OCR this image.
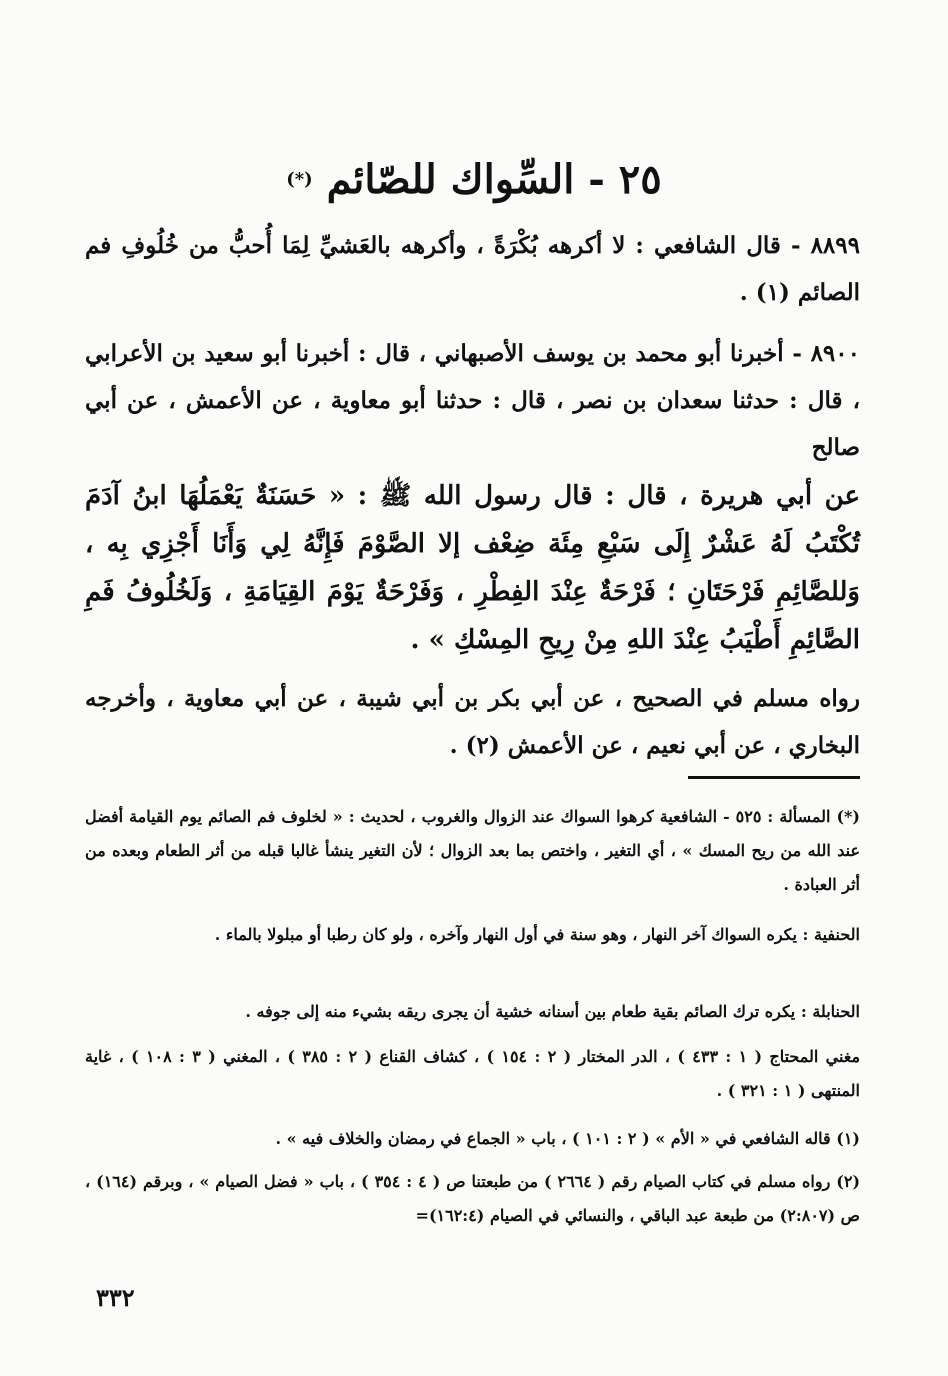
٢٥ - السِّواك للصّائم (*)

٨٨٩٩ - قال الشافعي : لا أكرهه بُكْرَةً ، وأكرهه بالعَشيِّ لِمَا أُحبُّ من خُلُوفِ فم الصائم (١) .

٨٩٠٠ - أخبرنا أبو محمد بن يوسف الأصبهاني ، قال : أخبرنا أبو سعيد بن الأعرابي ، قال : حدثنا سعدان بن نصر ، قال : حدثنا أبو معاوية ، عن الأعمش ، عن أبي صالح

عن أبي هريرة ، قال : قال رسول الله ﷺ : « حَسَنَةٌ يَعْمَلُهَا ابنُ آدَمَ تُكْتَبُ لَهُ عَشْرٌ إِلَى سَبْعِ مِئَة ضِعْف إلا الصَّوْمَ فَإِنَّهُ لِي وَأَنَا أَجْزِي بِه ، وَللصَّائِمِ فَرْحَتَانِ ؛ فَرْحَةٌ عِنْدَ الفِطْرِ ، وَفَرْحَةٌ يَوْمَ القِيَامَةِ ، وَلَخُلُوفُ فَمِ الصَّائِمِ أَطْيَبُ عِنْدَ اللهِ مِنْ رِيحِ المِسْكِ » .

رواه مسلم في الصحيح ، عن أبي بكر بن أبي شيبة ، عن أبي معاوية ، وأخرجه البخاري ، عن أبي نعيم ، عن الأعمش (٢) .

(*) المسألة : ٥٢٥ - الشافعية كرهوا السواك عند الزوال والغروب ، لحديث : « لخلوف فم الصائم يوم القيامة أفضل عند الله من ريح المسك » ، أي التغير ، واختص بما بعد الزوال ؛ لأن التغير ينشأ غالبا قبله من أثر الطعام وبعده من أثر العبادة .

الحنفية : يكره السواك آخر النهار ، وهو سنة في أول النهار وآخره ، ولو كان رطبا أو مبلولا بالماء .

الحنابلة : يكره ترك الصائم بقية طعام بين أسنانه خشية أن يجرى ريقه بشيء منه إلى جوفه .

مغني المحتاج ( ١ : ٤٣٣ ) ، الدر المختار ( ٢ : ١٥٤ ) ، كشاف القناع ( ٢ : ٣٨٥ ) ، المغني ( ٣ : ١٠٨ ) ، غاية المنتهى ( ١ : ٣٢١ ) .

(١) قاله الشافعي في « الأم » ( ٢ : ١٠١ ) ، باب « الجماع في رمضان والخلاف فيه » .

(٢) رواه مسلم في كتاب الصيام رقم ( ٢٦٦٤ ) من طبعتنا ص ( ٤ : ٣٥٤ ) ، باب « فضل الصيام » ، وبرقم (١٦٤) ، ص (٢:٨٠٧) من طبعة عبد الباقي ، والنسائي في الصيام (١٦٢:٤)=

٣٣٢
